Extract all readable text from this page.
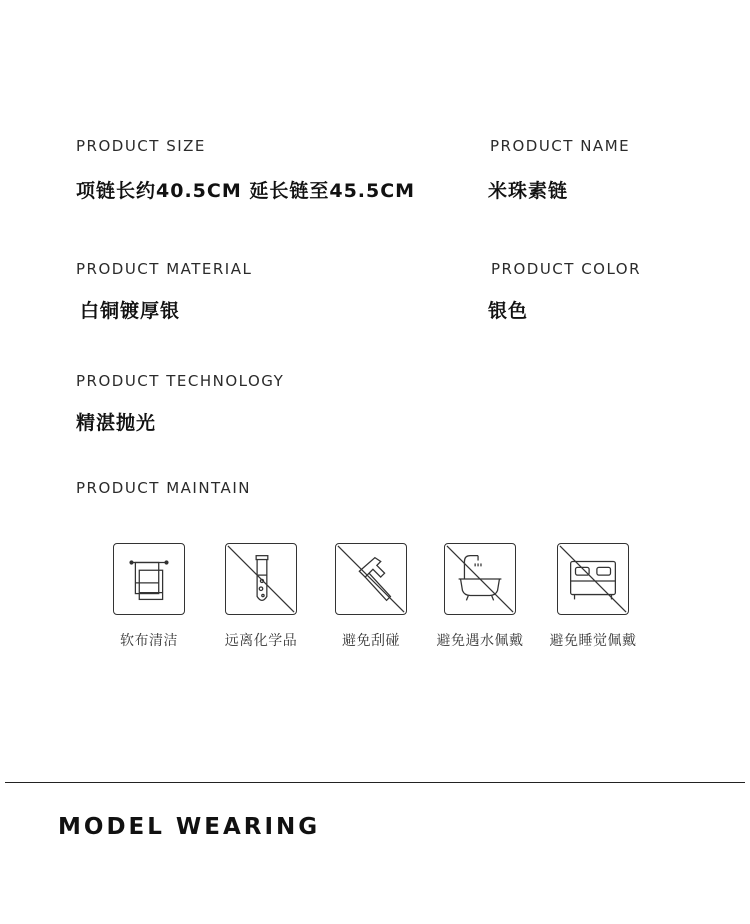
PRODUCT SIZE
项链长约40.5CM 延长链至45.5CM
PRODUCT NAME
米珠素链
PRODUCT MATERIAL
白铜镀厚银
PRODUCT COLOR
银色
PRODUCT TECHNOLOGY
精湛抛光
PRODUCT MAINTAIN
软布清洁	远离化学品	避免刮碰	避免遇水佩戴	避免睡觉佩戴
MODEL WEARING
